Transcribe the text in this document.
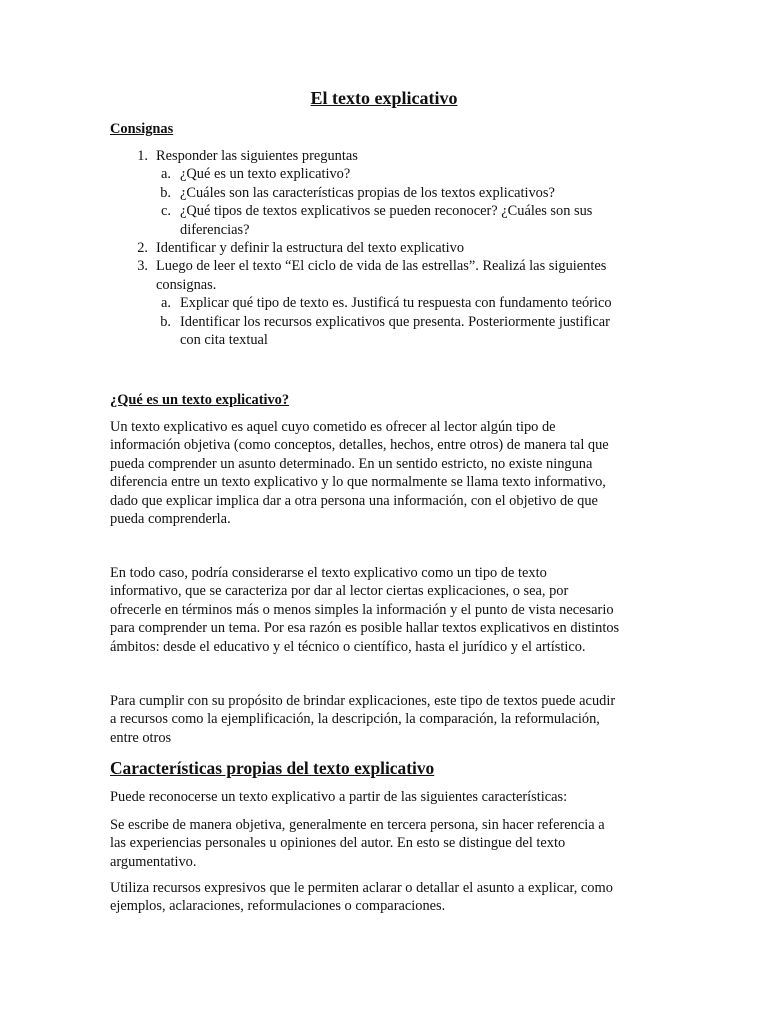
El texto explicativo
Consignas
1. Responder las siguientes preguntas
a. ¿Qué es un texto explicativo?
b. ¿Cuáles son las características propias de los textos explicativos?
c. ¿Qué tipos de textos explicativos se pueden reconocer? ¿Cuáles son sus
diferencias?
2. Identificar y definir la estructura del texto explicativo
3. Luego de leer el texto “El ciclo de vida de las estrellas”. Realizá las siguientes
consignas.
a. Explicar qué tipo de texto es. Justificá tu respuesta con fundamento teórico
b. Identificar los recursos explicativos que presenta. Posteriormente justificar
con cita textual
¿Qué es un texto explicativo?
Un texto explicativo es aquel cuyo cometido es ofrecer al lector algún tipo de
información objetiva (como conceptos, detalles, hechos, entre otros) de manera tal que
pueda comprender un asunto determinado. En un sentido estricto, no existe ninguna
diferencia entre un texto explicativo y lo que normalmente se llama texto informativo,
dado que explicar implica dar a otra persona una información, con el objetivo de que
pueda comprenderla.
En todo caso, podría considerarse el texto explicativo como un tipo de texto
informativo, que se caracteriza por dar al lector ciertas explicaciones, o sea, por
ofrecerle en términos más o menos simples la información y el punto de vista necesario
para comprender un tema. Por esa razón es posible hallar textos explicativos en distintos
ámbitos: desde el educativo y el técnico o científico, hasta el jurídico y el artístico.
Para cumplir con su propósito de brindar explicaciones, este tipo de textos puede acudir
a recursos como la ejemplificación, la descripción, la comparación, la reformulación,
entre otros
Características propias del texto explicativo
Puede reconocerse un texto explicativo a partir de las siguientes características:
Se escribe de manera objetiva, generalmente en tercera persona, sin hacer referencia a
las experiencias personales u opiniones del autor. En esto se distingue del texto
argumentativo.
Utiliza recursos expresivos que le permiten aclarar o detallar el asunto a explicar, como
ejemplos, aclaraciones, reformulaciones o comparaciones.
